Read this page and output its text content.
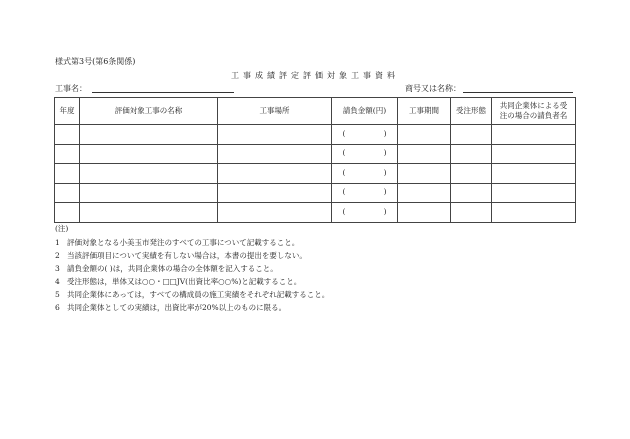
様式第3号(第6条関係)
工事成績評定評価対象工事資料
工事名：	商号又は名称：
年度	評価対象工事の名称	工事場所	請負金額(円)	工事期間	受注形態	共同企業体による受
注の場合の請負者名

			( )			

			( )			

			( )			

			( )			

			( )			

(注)
1 評価対象となる小美玉市発注のすべての工事について記載すること。
2 当該評価項目について実績を有しない場合は，本書の提出を要しない。
3 請負金額の( )は，共同企業体の場合の全体額を記入すること。
4 受注形態は，単体又は○○・□□JV(出資比率○○%)と記載すること。
5 共同企業体にあっては，すべての構成員の施工実績をそれぞれ記載すること。
6 共同企業体としての実績は，出資比率が20%以上のものに限る。
